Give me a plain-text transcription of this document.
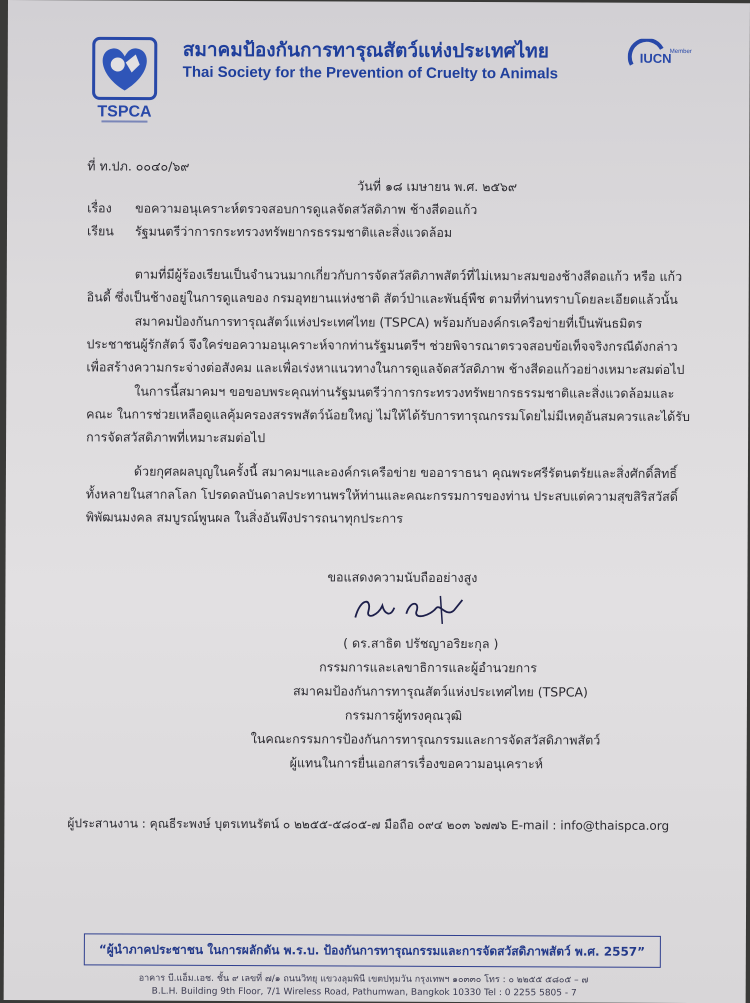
TSPCA
สมาคมป้องกันการทารุณสัตว์แห่งประเทศไทย
Thai Society for the Prevention of Cruelty to Animals
IUCN
Member
ที่ ท.ปภ. ๐๐๔๐/๖๙
วันที่ ๑๘ เมษายน พ.ศ. ๒๕๖๙
เรื่อง ขอความอนุเคราะห์ตรวจสอบการดูแลจัดสวัสดิภาพ ช้างสีดอแก้ว
เรียน รัฐมนตรีว่าการกระทรวงทรัพยากรธรรมชาติและสิ่งแวดล้อม
ตามที่มีผู้ร้องเรียนเป็นจำนวนมากเกี่ยวกับการจัดสวัสดิภาพสัตว์ที่ไม่เหมาะสมของช้างสีดอแก้ว หรือ แก้ว
อินดี้ ซึ่งเป็นช้างอยู่ในการดูแลของ กรมอุทยานแห่งชาติ สัตว์ป่าและพันธุ์พืช ตามที่ท่านทราบโดยละเอียดแล้วนั้น
สมาคมป้องกันการทารุณสัตว์แห่งประเทศไทย (TSPCA) พร้อมกับองค์กรเครือข่ายที่เป็นพันธมิตร
ประชาชนผู้รักสัตว์ จึงใคร่ขอความอนุเคราะห์จากท่านรัฐมนตรีฯ ช่วยพิจารณาตรวจสอบข้อเท็จจริงกรณีดังกล่าว
เพื่อสร้างความกระจ่างต่อสังคม และเพื่อเร่งหาแนวทางในการดูแลจัดสวัสดิภาพ ช้างสีดอแก้วอย่างเหมาะสมต่อไป
ในการนี้สมาคมฯ ขอขอบพระคุณท่านรัฐมนตรีว่าการกระทรวงทรัพยากรธรรมชาติและสิ่งแวดล้อมและ
คณะ ในการช่วยเหลือดูแลคุ้มครองสรรพสัตว์น้อยใหญ่ ไม่ให้ได้รับการทารุณกรรมโดยไม่มีเหตุอันสมควรและได้รับ
การจัดสวัสดิภาพที่เหมาะสมต่อไป
ด้วยกุศลผลบุญในครั้งนี้ สมาคมฯและองค์กรเครือข่าย ขออาราธนา คุณพระศรีรัตนตรัยและสิ่งศักดิ์สิทธิ์
ทั้งหลายในสากลโลก โปรดดลบันดาลประทานพรให้ท่านและคณะกรรมการของท่าน ประสบแต่ความสุขสิริสวัสดิ์
พิพัฒนมงคล สมบูรณ์พูนผล ในสิ่งอันพึงปรารถนาทุกประการ
ขอแสดงความนับถืออย่างสูง
( ดร.สาธิต ปรัชญาอริยะกุล )
กรรมการและเลขาธิการและผู้อำนวยการ
สมาคมป้องกันการทารุณสัตว์แห่งประเทศไทย (TSPCA)
กรรมการผู้ทรงคุณวุฒิ
ในคณะกรรมการป้องกันการทารุณกรรมและการจัดสวัสดิภาพสัตว์
ผู้แทนในการยื่นเอกสารเรื่องขอความอนุเคราะห์
ผู้ประสานงาน : คุณธีระพงษ์ บุตรเทนรัตน์ ๐ ๒๒๕๕-๕๘๐๕-๗ มือถือ ๐๙๔ ๒๐๓ ๖๗๗๖ E-mail : info@thaispca.org
“ผู้นำภาคประชาชน ในการผลักดัน พ.ร.บ. ป้องกันการทารุณกรรมและการจัดสวัสดิภาพสัตว์ พ.ศ. 2557”
อาคาร บี.แอ็ม.เอช. ชั้น ๙ เลขที่ ๗/๑ ถนนวิทยุ แขวงลุมพินี เขตปทุมวัน กรุงเทพฯ ๑๐๓๓๐ โทร : ๐ ๒๒๕๕ ๕๘๐๕ – ๗
B.L.H. Building 9th Floor, 7/1 Wireless Road, Pathumwan, Bangkok 10330 Tel : 0 2255 5805 - 7
